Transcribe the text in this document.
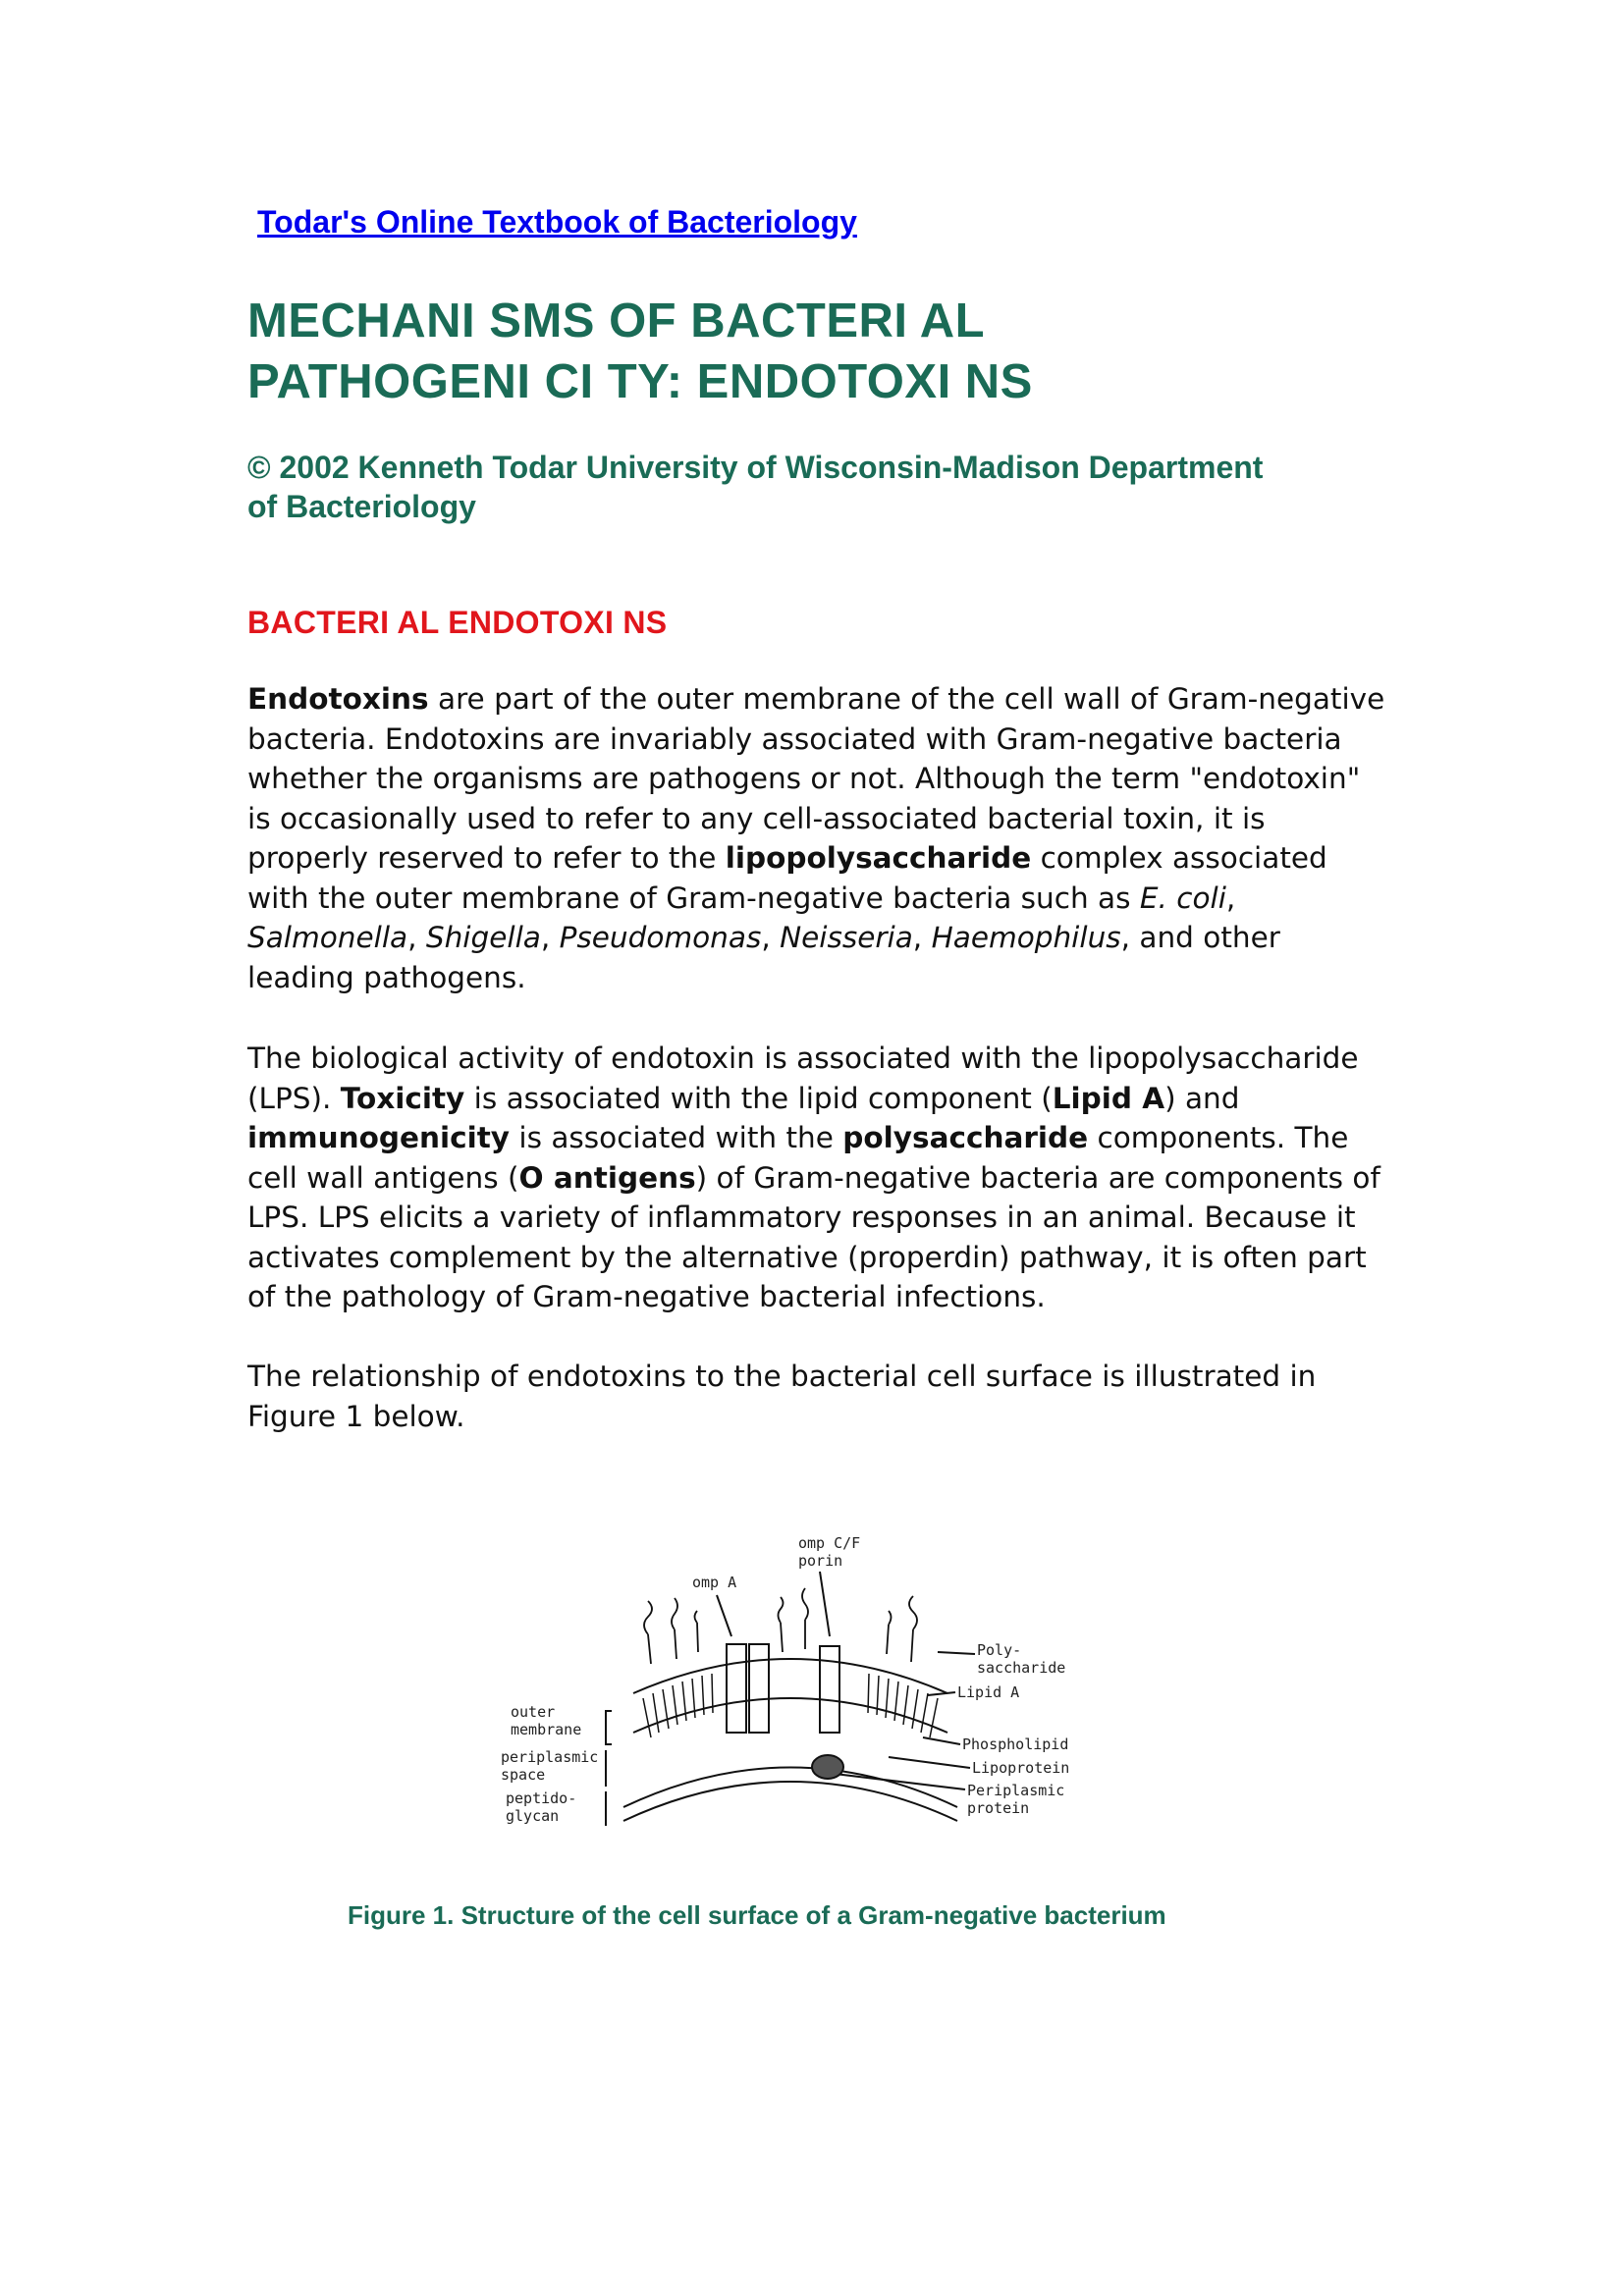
Todar's Online Textbook of Bacteriology
MECHANI SMS OF BACTERI AL
PATHOGENI CI TY: ENDOTOXI NS
© 2002 Kenneth Todar University of Wisconsin-Madison Department
of Bacteriology
BACTERI AL ENDOTOXI NS

Endotoxins are part of the outer membrane of the cell wall of Gram-negative bacteria. Endotoxins are invariably associated with Gram-negative bacteria whether the organisms are pathogens or not. Although the term "endotoxin" is occasionally used to refer to any cell-associated bacterial toxin, it is properly reserved to refer to the lipopolysaccharide complex associated with the outer membrane of Gram-negative bacteria such as E. coli, Salmonella, Shigella, Pseudomonas, Neisseria, Haemophilus, and other leading pathogens.

The biological activity of endotoxin is associated with the lipopolysaccharide (LPS). Toxicity is associated with the lipid component (Lipid A) and immunogenicity is associated with the polysaccharide components. The cell wall antigens (O antigens) of Gram-negative bacteria are components of LPS. LPS elicits a variety of inflammatory responses in an animal. Because it activates complement by the alternative (properdin) pathway, it is often part of the pathology of Gram-negative bacterial infections.

The relationship of endotoxins to the bacterial cell surface is illustrated in Figure 1 below.

omp C/F
porin
omp A
Poly-
saccharide
Lipid A
outer
membrane
periplasmic
space
peptido-
glycan
Phospholipid
Lipoprotein
Periplasmic
protein
Figure 1. Structure of the cell surface of a Gram-negative bacterium
